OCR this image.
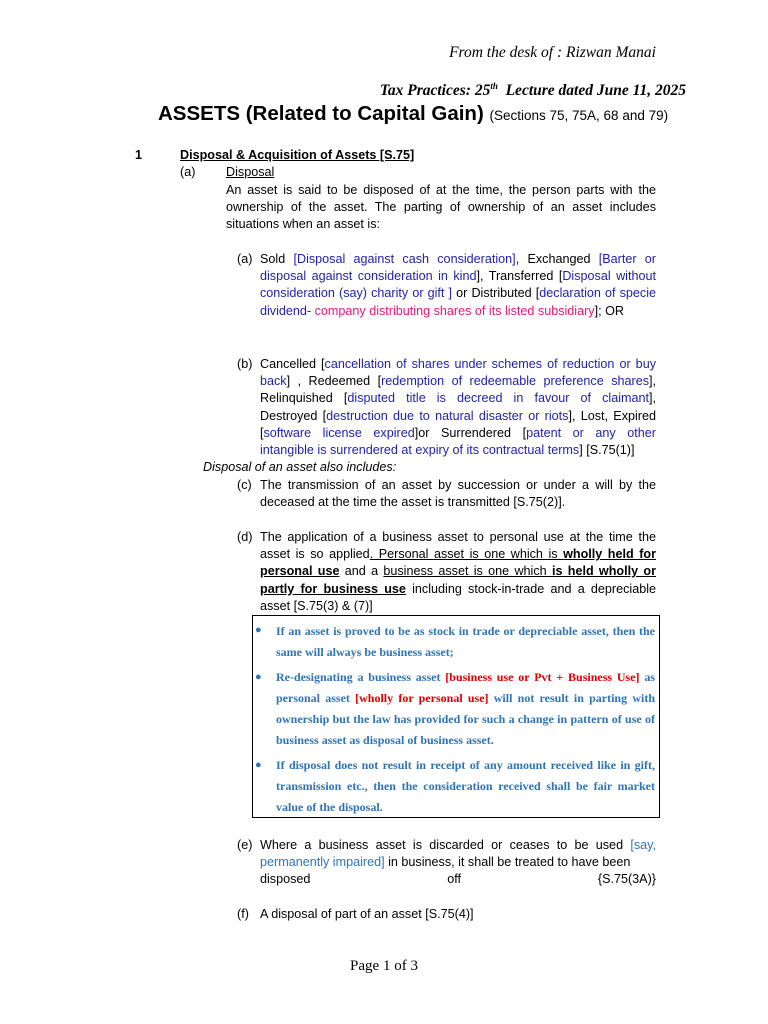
From the desk of : Rizwan Manai
Tax Practices: 25th Lecture dated June 11, 2025
ASSETS (Related to Capital Gain) (Sections 75, 75A, 68 and 79)
1	Disposal & Acquisition of Assets [S.75]
(a) Disposal
An asset is said to be disposed of at the time, the person parts with the ownership of the asset. The parting of ownership of an asset includes situations when an asset is:
(a) Sold [Disposal against cash consideration], Exchanged [Barter or disposal against consideration in kind], Transferred [Disposal without consideration (say) charity or gift ] or Distributed [declaration of specie dividend- company distributing shares of its listed subsidiary]; OR
(b) Cancelled [cancellation of shares under schemes of reduction or buy back] , Redeemed [redemption of redeemable preference shares], Relinquished [disputed title is decreed in favour of claimant], Destroyed [destruction due to natural disaster or riots], Lost, Expired [software license expired]or Surrendered [patent or any other intangible is surrendered at expiry of its contractual terms] [S.75(1)]
Disposal of an asset also includes:
(c) The transmission of an asset by succession or under a will by the deceased at the time the asset is transmitted [S.75(2)].
(d) The application of a business asset to personal use at the time the asset is so applied. Personal asset is one which is wholly held for personal use and a business asset is one which is held wholly or partly for business use including stock-in-trade and a depreciable asset [S.75(3) & (7)]
● If an asset is proved to be as stock in trade or depreciable asset, then the same will always be business asset;
● Re-designating a business asset [business use or Pvt + Business Use] as personal asset [wholly for personal use] will not result in parting with ownership but the law has provided for such a change in pattern of use of business asset as disposal of business asset.
● If disposal does not result in receipt of any amount received like in gift, transmission etc., then the consideration received shall be fair market value of the disposal.
(e) Where a business asset is discarded or ceases to be used [say, permanently impaired] in business, it shall be treated to have been
disposed	off	{S.75(3A)}
(f) A disposal of part of an asset [S.75(4)]
Page 1 of 3
